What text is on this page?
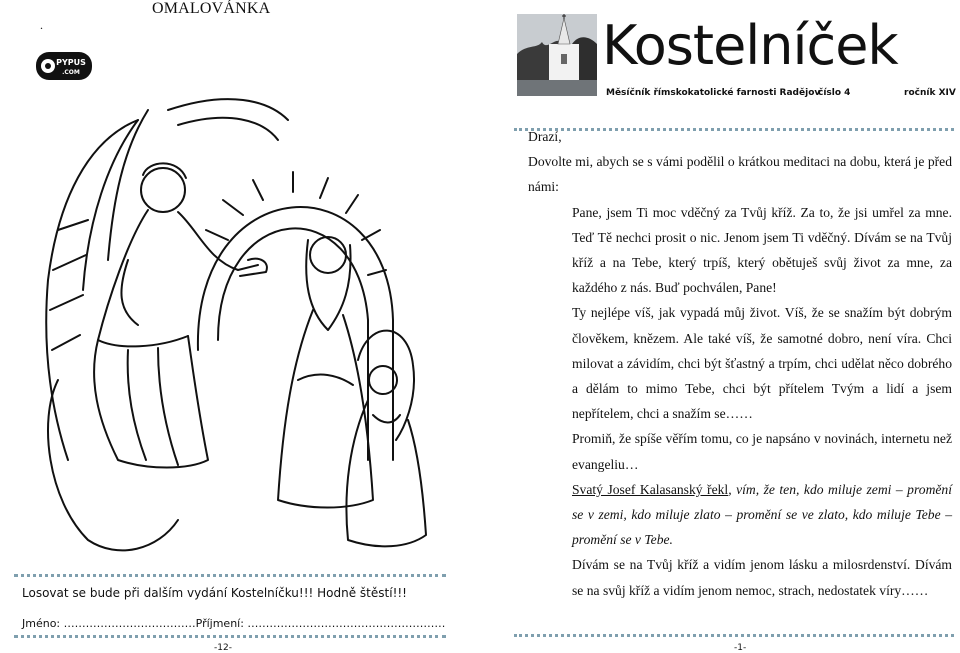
.
OMALOVÁNKA
PYPUS
.COM
Losovat se bude při dalším vydání Kostelníčku!!! Hodně štěstí!!!
Jméno: ………………………………Příjmení: ………………………………………………
-12-
Kostelníček
Měsíčník římskokatolické farnosti Radějov
číslo 4	ročník XIV

Drazí,

Dovolte mi, abych se s vámi podělil o krátkou meditaci na dobu, která je před námi:

Pane, jsem Ti moc vděčný za Tvůj kříž. Za to, že jsi umřel za mne. Teď Tě nechci prosit o nic. Jenom jsem Ti vděčný. Dívám se na Tvůj kříž a na Tebe, který trpíš, který obětuješ svůj život za mne, za každého z nás. Buď pochválen, Pane!

Ty nejlépe víš, jak vypadá můj život. Víš, že se snažím být dobrým člověkem, knězem. Ale také víš, že samotné dobro, není víra. Chci milovat a závidím, chci být šťastný a trpím, chci udělat něco dobrého a dělám to mimo Tebe, chci být přítelem Tvým a lidí a jsem nepřítelem, chci a snažím se……

Promiň, že spíše věřím tomu, co je napsáno v novinách, internetu než evangeliu…

Svatý Josef Kalasanský řekl, vím, že ten, kdo miluje zemi – promění se v zemi, kdo miluje zlato – promění se ve zlato, kdo miluje Tebe – promění se v Tebe.

Dívám se na Tvůj kříž a vidím jenom lásku a milosrdenství. Dívám se na svůj kříž a vidím jenom nemoc, strach, nedostatek víry……

-1-
